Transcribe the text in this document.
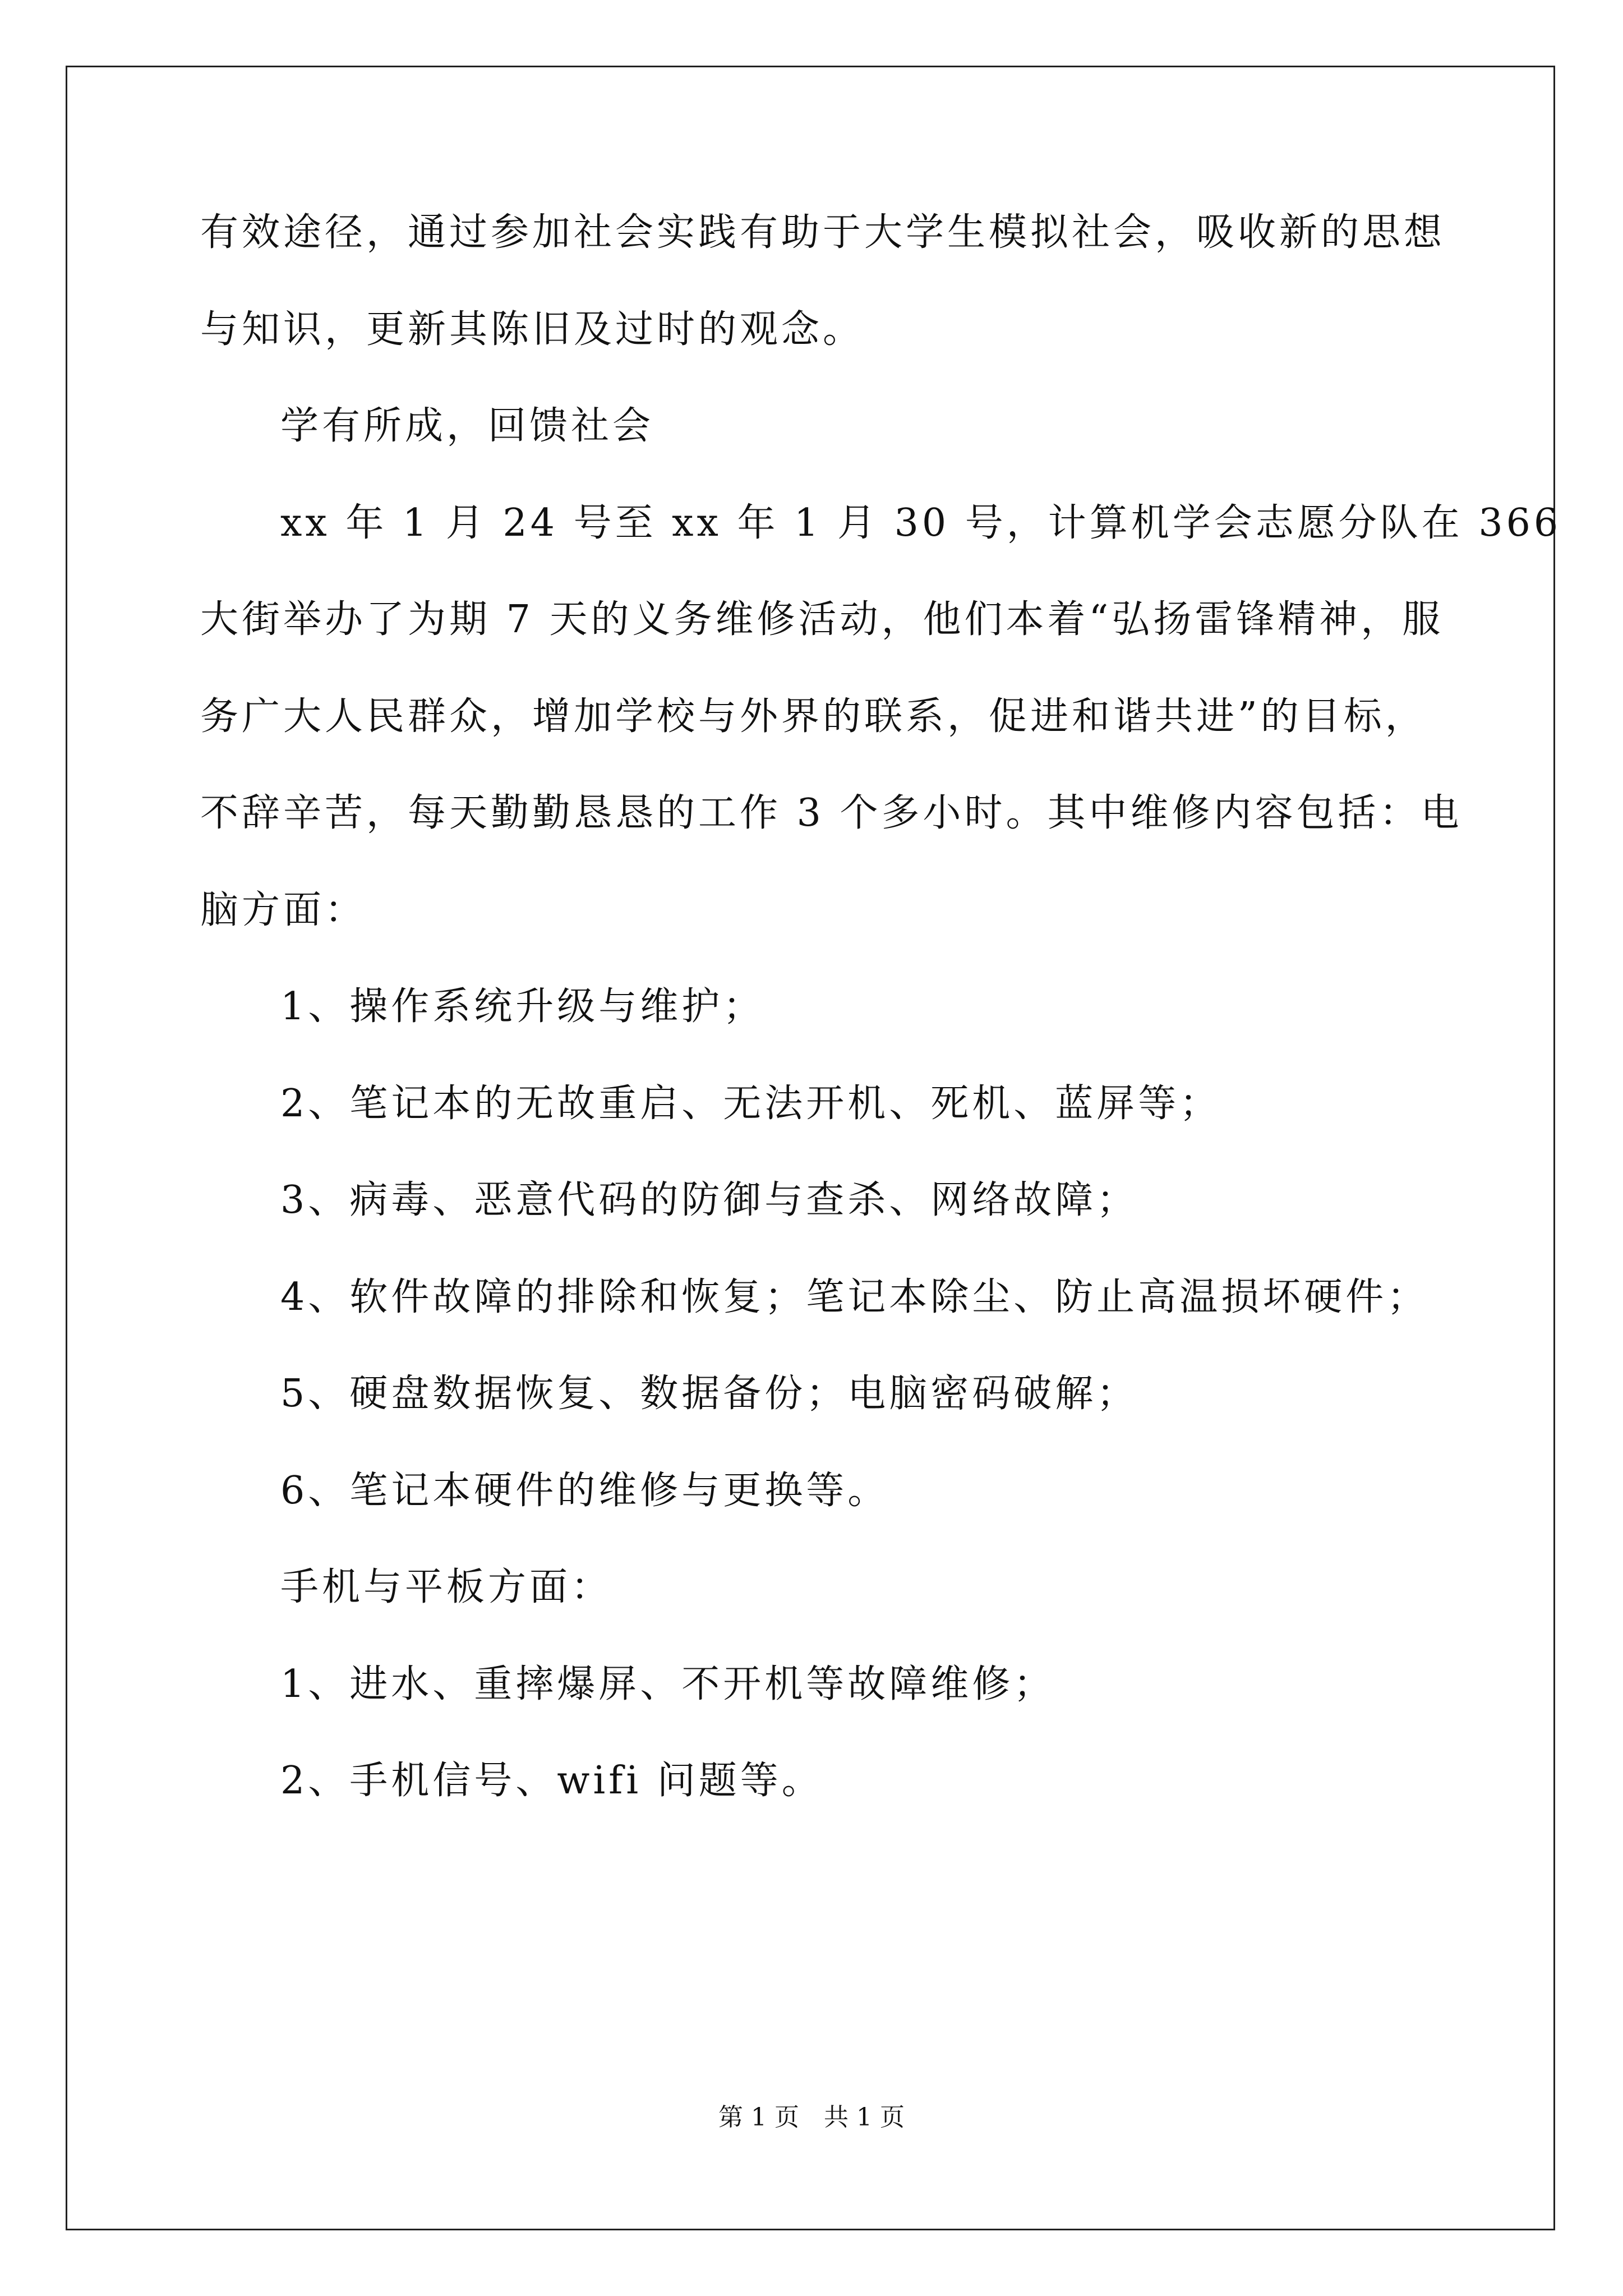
有效途径，通过参加社会实践有助于大学生模拟社会，吸收新的思想
与知识，更新其陈旧及过时的观念。
学有所成，回馈社会
xx 年 1 月 24 号至 xx 年 1 月 30 号，计算机学会志愿分队在 366
大街举办了为期 7 天的义务维修活动，他们本着“弘扬雷锋精神，服
务广大人民群众，增加学校与外界的联系，促进和谐共进”的目标，
不辞辛苦，每天勤勤恳恳的工作 3 个多小时。其中维修内容包括：电
脑方面：
1、操作系统升级与维护；
2、笔记本的无故重启、无法开机、死机、蓝屏等；
3、病毒、恶意代码的防御与查杀、网络故障；
4、软件故障的排除和恢复；笔记本除尘、防止高温损坏硬件；
5、硬盘数据恢复、数据备份；电脑密码破解；
6、笔记本硬件的维修与更换等。
手机与平板方面：
1、进水、重摔爆屏、不开机等故障维修；
2、手机信号、wifi 问题等。
第 1 页　共 1 页
